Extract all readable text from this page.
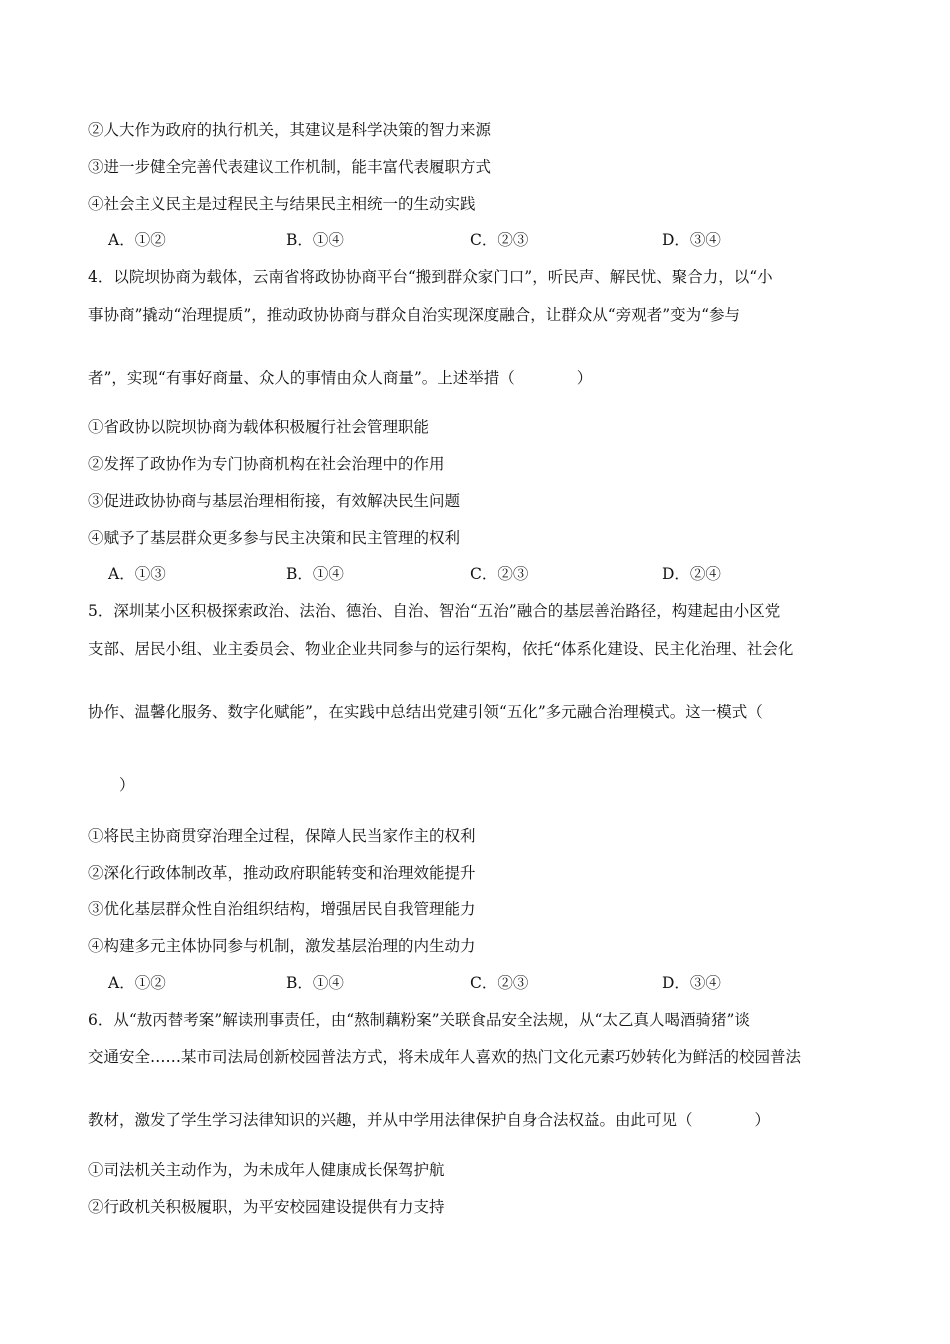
②人大作为政府的执行机关，其建议是科学决策的智力来源
③进一步健全完善代表建议工作机制，能丰富代表履职方式
④社会主义民主是过程民主与结果民主相统一的生动实践
A．①②	B．①④	C．②③	D．③④
4．以院坝协商为载体，云南省将政协协商平台“搬到群众家门口”，听民声、解民忧、聚合力，以“小
事协商”撬动“治理提质”，推动政协协商与群众自治实现深度融合，让群众从“旁观者”变为“参与
者”，实现“有事好商量、众人的事情由众人商量”。上述举措（　　　　）
①省政协以院坝协商为载体积极履行社会管理职能
②发挥了政协作为专门协商机构在社会治理中的作用
③促进政协协商与基层治理相衔接，有效解决民生问题
④赋予了基层群众更多参与民主决策和民主管理的权利
A．①③	B．①④	C．②③	D．②④
5．深圳某小区积极探索政治、法治、德治、自治、智治“五治”融合的基层善治路径，构建起由小区党
支部、居民小组、业主委员会、物业企业共同参与的运行架构，依托“体系化建设、民主化治理、社会化
协作、温馨化服务、数字化赋能”，在实践中总结出党建引领“五化”多元融合治理模式。这一模式（
　　）
①将民主协商贯穿治理全过程，保障人民当家作主的权利
②深化行政体制改革，推动政府职能转变和治理效能提升
③优化基层群众性自治组织结构，增强居民自我管理能力
④构建多元主体协同参与机制，激发基层治理的内生动力
A．①②	B．①④	C．②③	D．③④
6．从“敖丙替考案”解读刑事责任，由“熬制藕粉案”关联食品安全法规，从“太乙真人喝酒骑猪”谈
交通安全……某市司法局创新校园普法方式，将未成年人喜欢的热门文化元素巧妙转化为鲜活的校园普法
教材，激发了学生学习法律知识的兴趣，并从中学用法律保护自身合法权益。由此可见（　　　　）
①司法机关主动作为，为未成年人健康成长保驾护航
②行政机关积极履职，为平安校园建设提供有力支持
